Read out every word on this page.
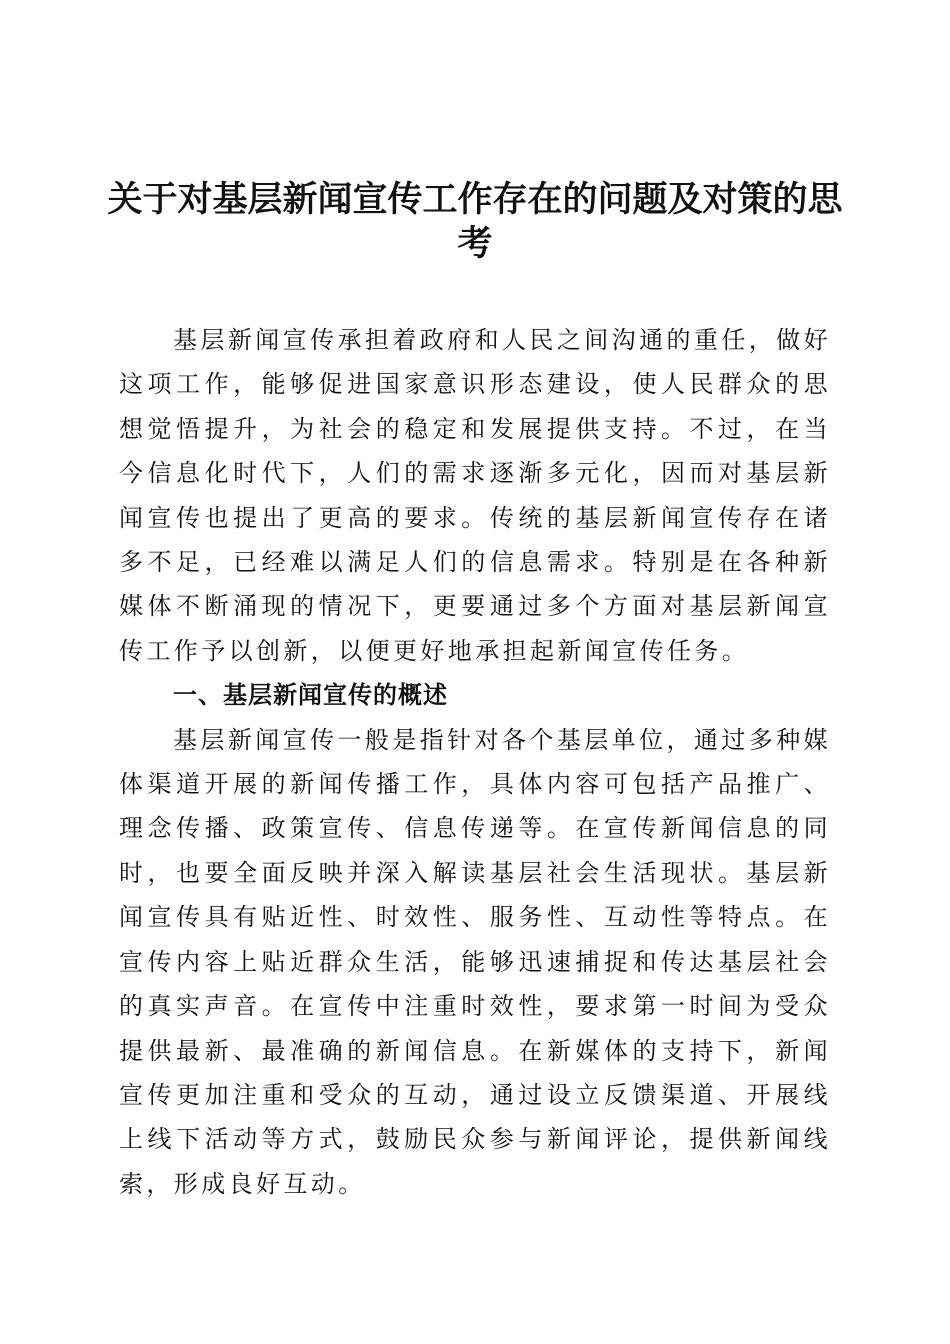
关于对基层新闻宣传工作存在的问题及对策的思考

基层新闻宣传承担着政府和人民之间沟通的重任，做好这项工作，能够促进国家意识形态建设，使人民群众的思想觉悟提升，为社会的稳定和发展提供支持。不过，在当今信息化时代下，人们的需求逐渐多元化，因而对基层新闻宣传也提出了更高的要求。传统的基层新闻宣传存在诸多不足，已经难以满足人们的信息需求。特别是在各种新媒体不断涌现的情况下，更要通过多个方面对基层新闻宣传工作予以创新，以便更好地承担起新闻宣传任务。

一、基层新闻宣传的概述

基层新闻宣传一般是指针对各个基层单位，通过多种媒体渠道开展的新闻传播工作，具体内容可包括产品推广、理念传播、政策宣传、信息传递等。在宣传新闻信息的同时，也要全面反映并深入解读基层社会生活现状。基层新闻宣传具有贴近性、时效性、服务性、互动性等特点。在宣传内容上贴近群众生活，能够迅速捕捉和传达基层社会的真实声音。在宣传中注重时效性，要求第一时间为受众提供最新、最准确的新闻信息。在新媒体的支持下，新闻宣传更加注重和受众的互动，通过设立反馈渠道、开展线上线下活动等方式，鼓励民众参与新闻评论，提供新闻线索，形成良好互动。
